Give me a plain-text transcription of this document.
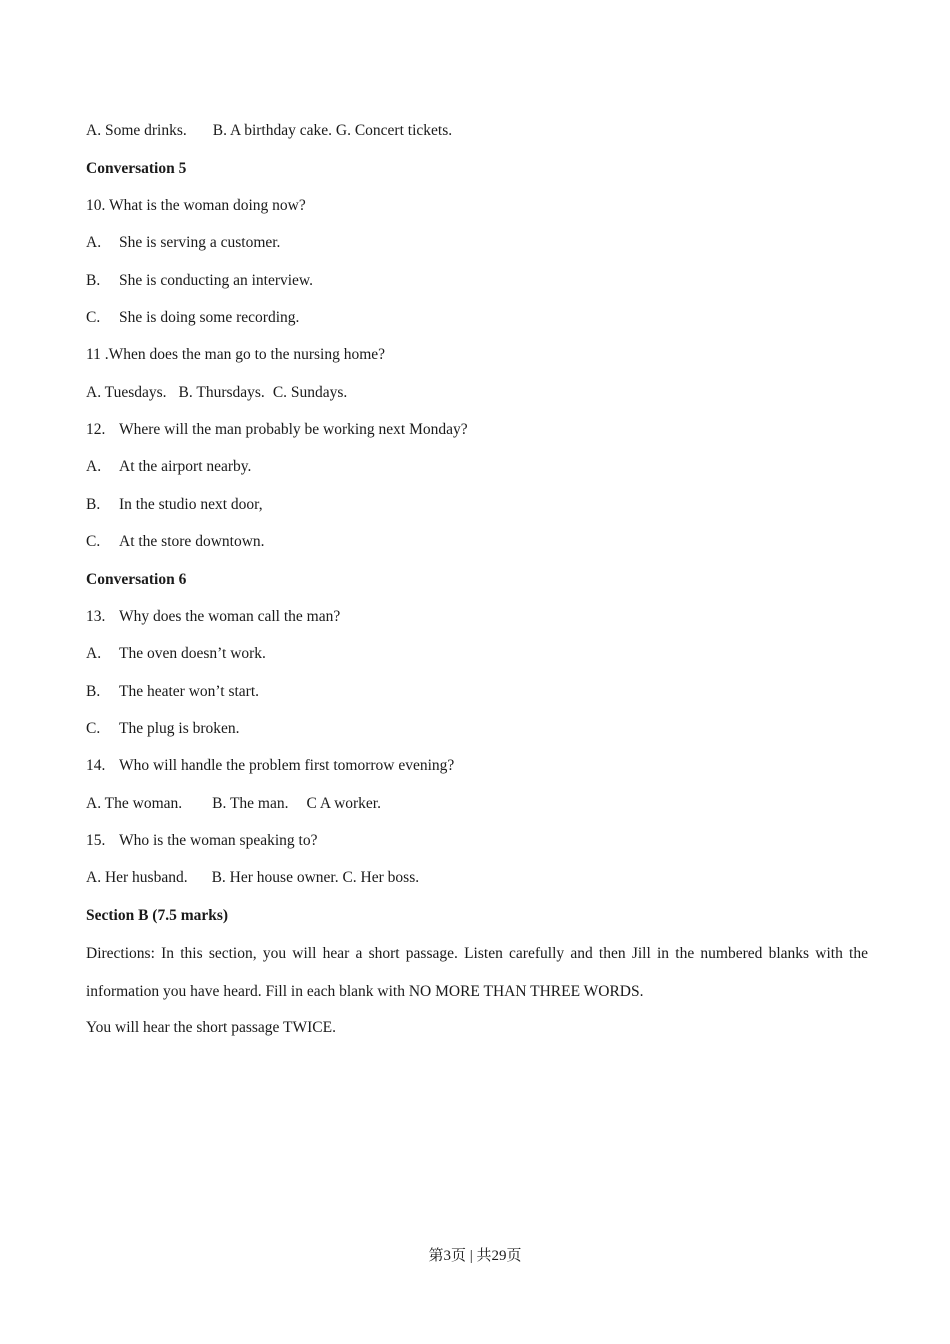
A. Some drinks. B. A birthday cake. G. Concert tickets.
Conversation 5
10. What is the woman doing now?
A. She is serving a customer.
B. She is conducting an interview.
C. She is doing some recording.
11 .When does the man go to the nursing home?
A. Tuesdays. B. Thursdays. C. Sundays.
12. Where will the man probably be working next Monday?
A. At the airport nearby.
B. In the studio next door,
C. At the store downtown.
Conversation 6
13. Why does the woman call the man?
A. The oven doesn’t work.
B. The heater won’t start.
C. The plug is broken.
14. Who will handle the problem first tomorrow evening?
A. The woman. B. The man. C A worker.
15. Who is the woman speaking to?
A. Her husband. B. Her house owner. C. Her boss.
Section B (7.5 marks)
Directions: In this section, you will hear a short passage. Listen carefully and then Jill in the numbered blanks with the information you have heard. Fill in each blank with NO MORE THAN THREE WORDS.
You will hear the short passage TWICE.
第3页 | 共29页
